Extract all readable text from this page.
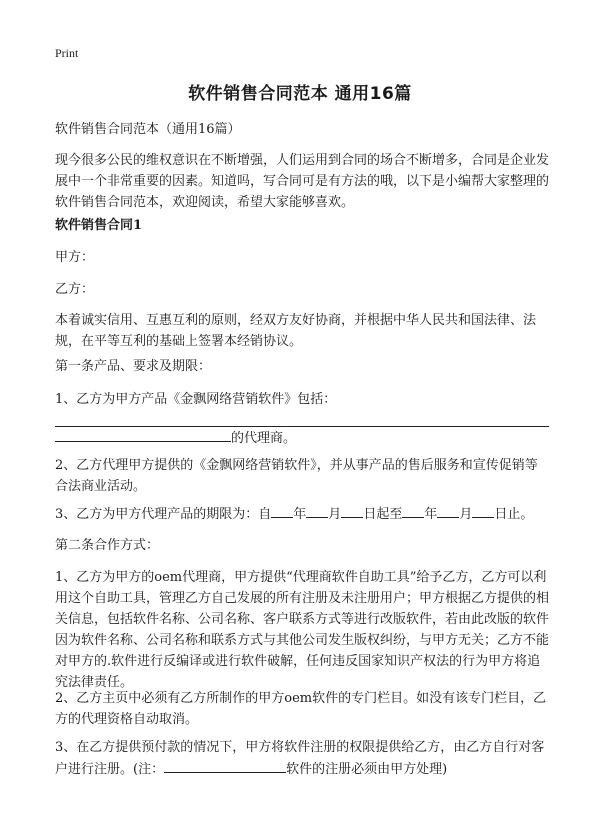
Print
软件销售合同范本 通用16篇
软件销售合同范本（通用16篇）
现今很多公民的维权意识在不断增强，人们运用到合同的场合不断增多，合同是企业发展中一个非常重要的因素。知道吗，写合同可是有方法的哦，以下是小编帮大家整理的软件销售合同范本，欢迎阅读，希望大家能够喜欢。
软件销售合同1
甲方：
乙方：
本着诚实信用、互惠互利的原则，经双方友好协商，并根据中华人民共和国法律、法规，在平等互利的基础上签署本经销协议。
第一条产品、要求及期限：
1、乙方为甲方产品《金飘网络营销软件》包括：
的代理商。
2、乙方代理甲方提供的《金飘网络营销软件》，并从事产品的售后服务和宣传促销等合法商业活动。
3、乙方为甲方代理产品的期限为：自 年 月 日起至 年 月 日止。
第二条合作方式：
1、乙方为甲方的oem代理商，甲方提供“代理商软件自助工具”给予乙方，乙方可以利用这个自助工具，管理乙方自己发展的所有注册及未注册用户；甲方根据乙方提供的相关信息，包括软件名称、公司名称、客户联系方式等进行改版软件，若由此改版的软件因为软件名称、公司名称和联系方式与其他公司发生版权纠纷，与甲方无关；乙方不能对甲方的.软件进行反编译或进行软件破解，任何违反国家知识产权法的行为甲方将追究法律责任。
2、乙方主页中必须有乙方所制作的甲方oem软件的专门栏目。如没有该专门栏目，乙方的代理资格自动取消。
3、在乙方提供预付款的情况下，甲方将软件注册的权限提供给乙方，由乙方自行对客户进行注册。(注：	软件的注册必须由甲方处理)
